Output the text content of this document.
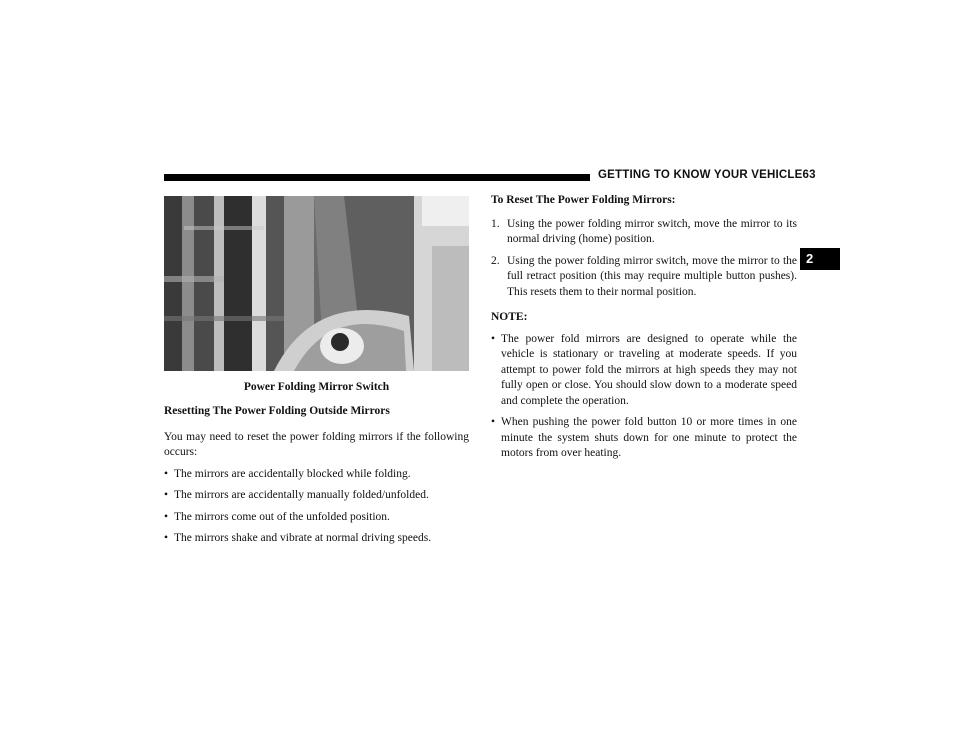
GETTING TO KNOW YOUR VEHICLE 63
2
Power Folding Mirror Switch

Resetting The Power Folding Outside Mirrors

You may need to reset the power folding mirrors if the following occurs:

• The mirrors are accidentally blocked while folding.
• The mirrors are accidentally manually folded/unfolded.
• The mirrors come out of the unfolded position.
• The mirrors shake and vibrate at normal driving speeds.

To Reset The Power Folding Mirrors:

1. Using the power folding mirror switch, move the mirror to its normal driving (home) position.
2. Using the power folding mirror switch, move the mirror to the full retract position (this may require multiple button pushes). This resets them to their normal position.

NOTE:

• The power fold mirrors are designed to operate while the vehicle is stationary or traveling at moderate speeds. If you attempt to power fold the mirrors at high speeds they may not fully open or close. You should slow down to a moderate speed and complete the operation.
• When pushing the power fold button 10 or more times in one minute the system shuts down for one minute to protect the motors from over heating.
